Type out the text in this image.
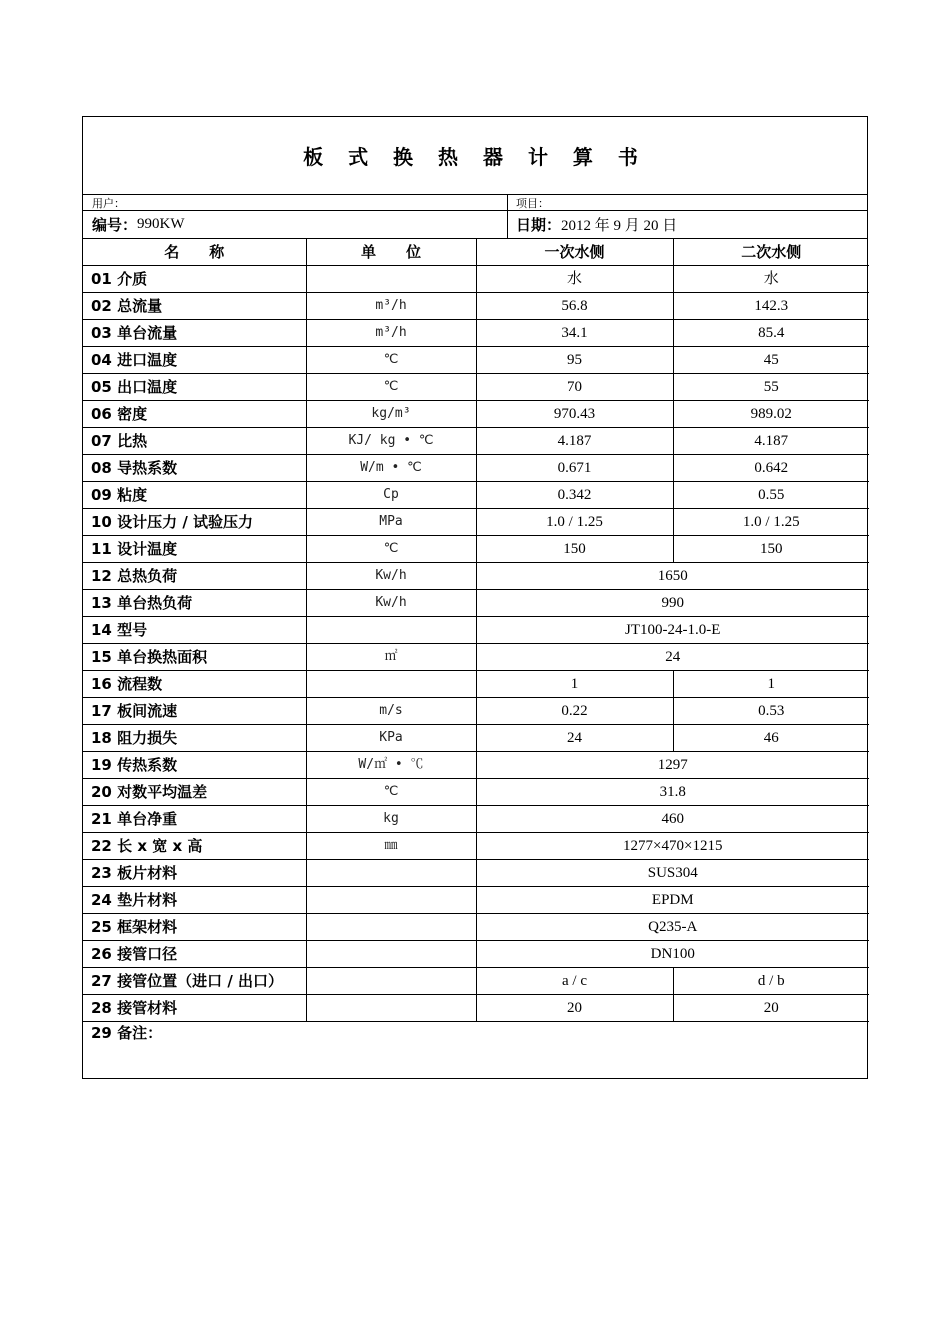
板 式 换 热 器 计 算 书
用户：	项目：
编号： 990KW	日期： 2012 年 9 月 20 日
名　　称	单　　位	一次水侧	二次水侧
01 介质		水	水
02 总流量	m³/h	56.8	142.3
03 单台流量	m³/h	34.1	85.4
04 进口温度	℃	95	45
05 出口温度	℃	70	55
06 密度	kg/m³	970.43	989.02
07 比热	KJ/ kg • ℃	4.187	4.187
08 导热系数	W/m • ℃	0.671	0.642
09 粘度	Cp	0.342	0.55
10 设计压力 / 试验压力	MPa	1.0 / 1.25	1.0 / 1.25
11 设计温度	℃	150	150
12 总热负荷	Kw/h	1650	
13 单台热负荷	Kw/h	990	
14 型号		JT100-24-1.0-E	
15 单台换热面积	㎡	24	
16 流程数		1	1
17 板间流速	m/s	0.22	0.53
18 阻力损失	KPa	24	46
19 传热系数	W/㎡ • ℃	1297	
20 对数平均温差	℃	31.8	
21 单台净重	kg	460	
22 长 x 宽 x 高	㎜	1277×470×1215	
23 板片材料		SUS304	
24 垫片材料		EPDM	
25 框架材料		Q235-A	
26 接管口径		DN100	
27 接管位置（进口 / 出口）		a / c	d / b
28 接管材料		20	20
29 备注：			
